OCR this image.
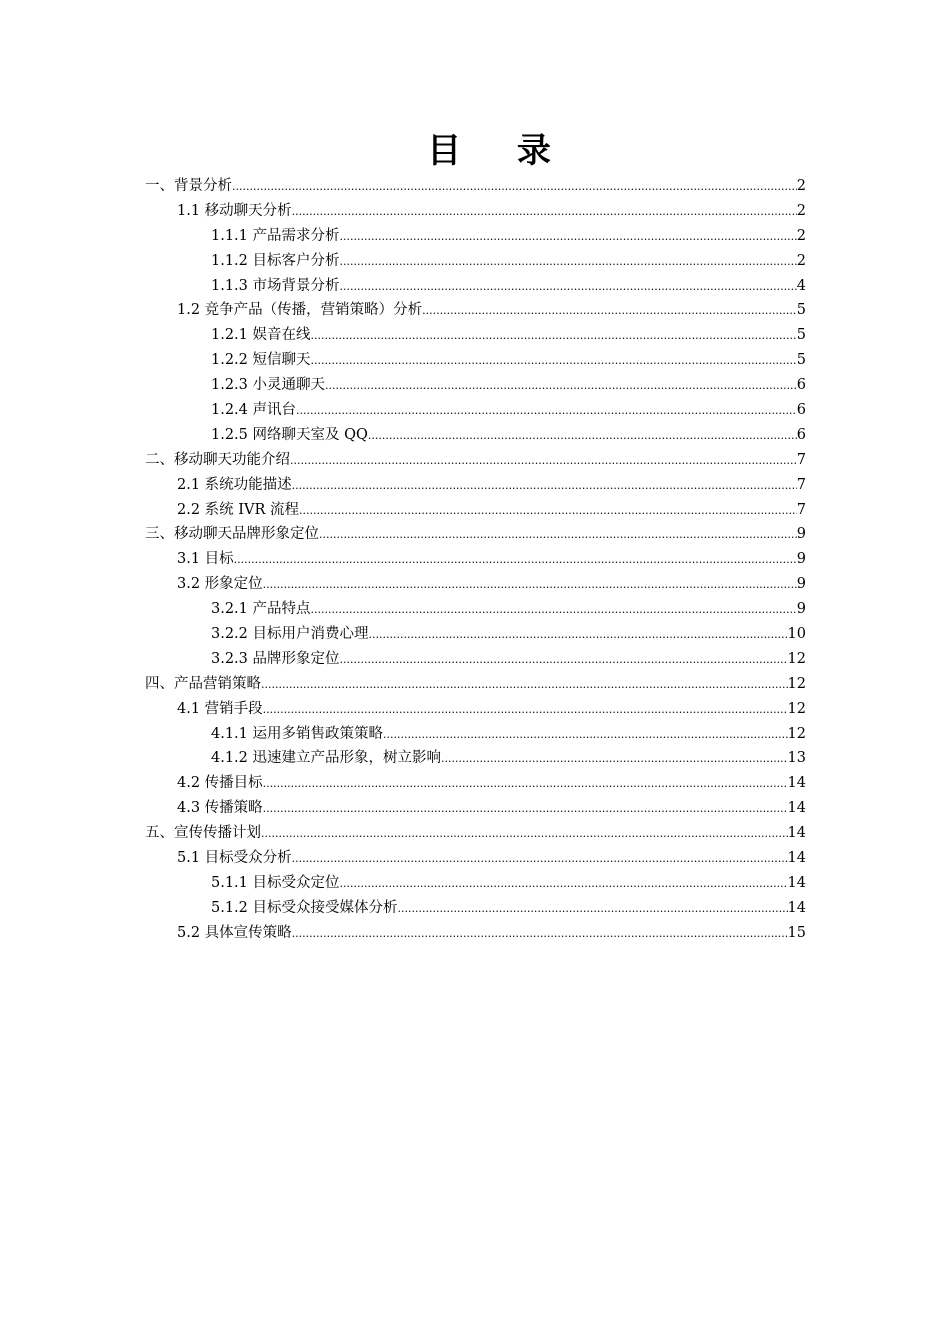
目 录
一、背景分析 .....	2
1.1 移动聊天分析 .....	2
1.1.1 产品需求分析 .....	2
1.1.2 目标客户分析 .....	2
1.1.3 市场背景分析 .....	4
1.2 竞争产品（传播，营销策略）分析 .....	5
1.2.1 娱音在线 .....	5
1.2.2 短信聊天 .....	5
1.2.3 小灵通聊天 .....	6
1.2.4 声讯台 .....	6
1.2.5 网络聊天室及 QQ .....	6
二、移动聊天功能介绍 .....	7
2.1 系统功能描述 .....	7
2.2 系统 IVR 流程 .....	7
三、移动聊天品牌形象定位 .....	9
3.1 目标 .....	9
3.2 形象定位 .....	9
3.2.1 产品特点 .....	9
3.2.2 目标用户消费心理 .....	10
3.2.3 品牌形象定位 .....	12
四、产品营销策略 .....	12
4.1 营销手段 .....	12
4.1.1 运用多销售政策策略 .....	12
4.1.2 迅速建立产品形象，树立影响 .....	13
4.2 传播目标 .....	14
4.3 传播策略 .....	14
五、宣传传播计划 .....	14
5.1 目标受众分析 .....	14
5.1.1 目标受众定位 .....	14
5.1.2 目标受众接受媒体分析 .....	14
5.2 具体宣传策略 .....	15
